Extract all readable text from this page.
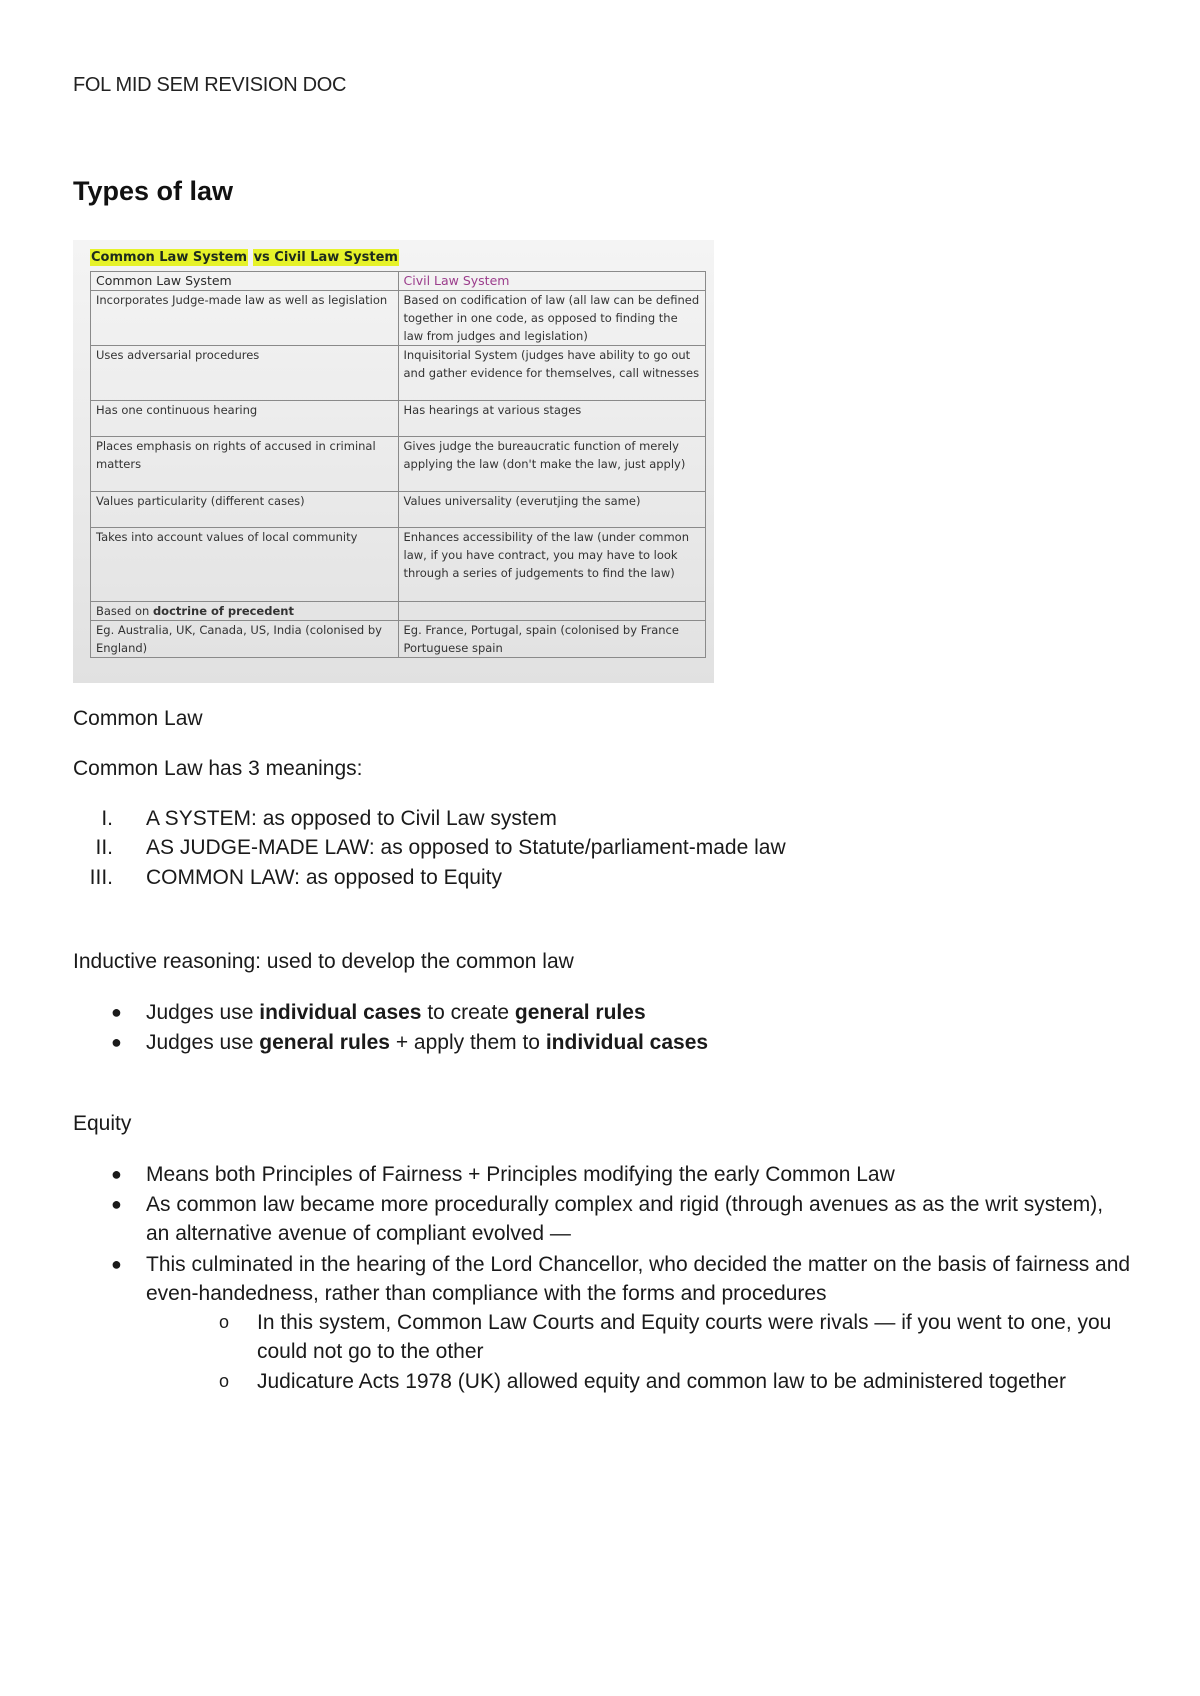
FOL MID SEM REVISION DOC
Types of law
Common Law System vs Civil Law System
Common Law System	Civil Law System
Incorporates Judge-made law as well as legislation	Based on codification of law (all law can be defined together in one code, as opposed to finding the law from judges and legislation)
Uses adversarial procedures	Inquisitorial System (judges have ability to go out and gather evidence for themselves, call witnesses
Has one continuous hearing	Has hearings at various stages
Places emphasis on rights of accused in criminal matters	Gives judge the bureaucratic function of merely applying the law (don't make the law, just apply)
Values particularity (different cases)	Values universality (everutjing the same)
Takes into account values of local community	Enhances accessibility of the law (under common law, if you have contract, you may have to look through a series of judgements to find the law)
Based on doctrine of precedent	
Eg. Australia, UK, Canada, US, India (colonised by England)	Eg. France, Portugal, spain (colonised by France Portuguese spain
Common Law
Common Law has 3 meanings:
I. A SYSTEM: as opposed to Civil Law system
II. AS JUDGE-MADE LAW: as opposed to Statute/parliament-made law
III. COMMON LAW: as opposed to Equity
Inductive reasoning: used to develop the common law
● Judges use individual cases to create general rules
● Judges use general rules + apply them to individual cases
Equity
● Means both Principles of Fairness + Principles modifying the early Common Law
● As common law became more procedurally complex and rigid (through avenues as as the writ system), an alternative avenue of compliant evolved —
● This culminated in the hearing of the Lord Chancellor, who decided the matter on the basis of fairness and even-handedness, rather than compliance with the forms and procedures
o In this system, Common Law Courts and Equity courts were rivals — if you went to one, you could not go to the other
o Judicature Acts 1978 (UK) allowed equity and common law to be administered together
